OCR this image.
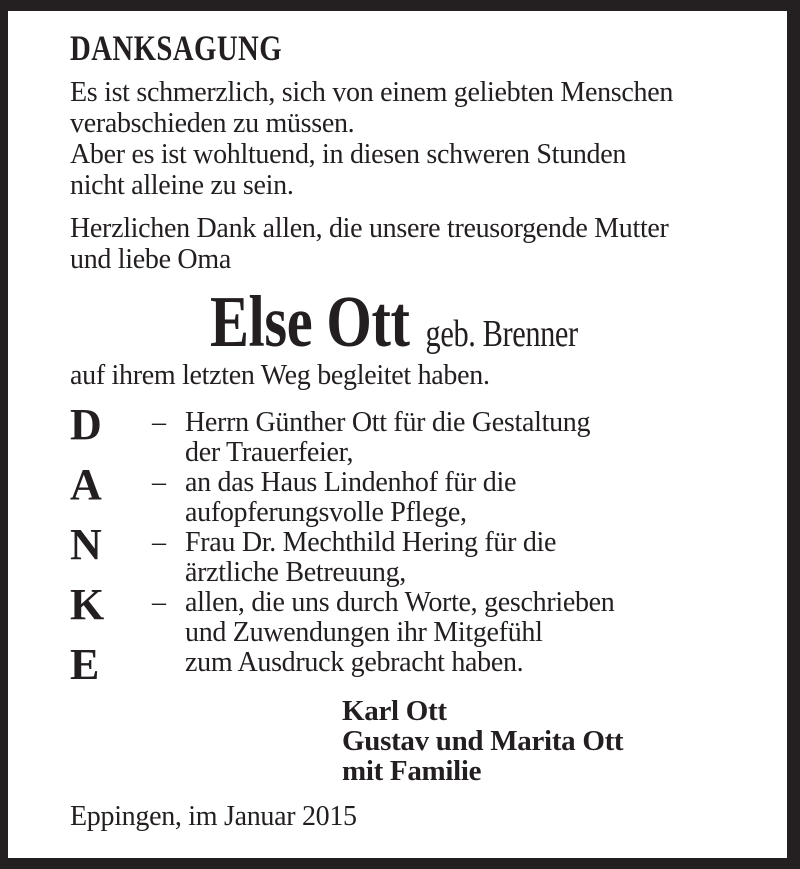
DANKSAGUNG
Es ist schmerzlich, sich von einem geliebten Menschen
verabschieden zu müssen.
Aber es ist wohltuend, in diesen schweren Stunden
nicht alleine zu sein.
Herzlichen Dank allen, die unsere treusorgende Mutter
und liebe Oma
Else Ott geb. Brenner
auf ihrem letzten Weg begleitet haben.
D
A
N
K
E
– Herrn Günther Ott für die Gestaltung
der Trauerfeier,
– an das Haus Lindenhof für die
aufopferungsvolle Pflege,
– Frau Dr. Mechthild Hering für die
ärztliche Betreuung,
– allen, die uns durch Worte, geschrieben
und Zuwendungen ihr Mitgefühl
zum Ausdruck gebracht haben.
Karl Ott
Gustav und Marita Ott
mit Familie
Eppingen, im Januar 2015
